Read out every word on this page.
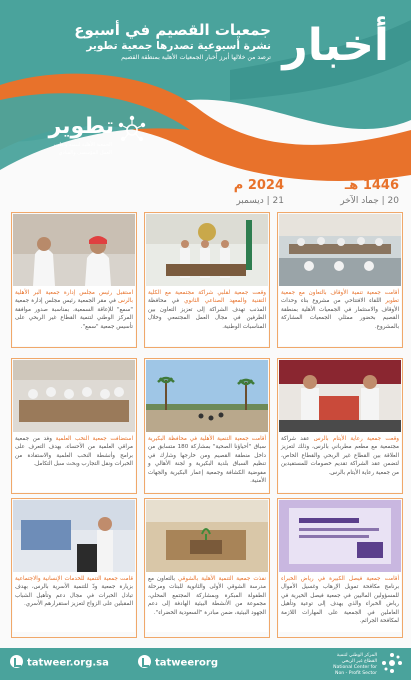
أخبار
جمعيات القصيم في أسبوع
نشرة أسبوعية تصدرها جمعية تطوير
ترصد من خلالها أبرز أخبار الجمعيات الأهلية بمنطقة القصيم
تطوير
الجمعية الأهلية لتنمية وتطوير
العمل المؤسسي والقيادي
1446 هـ
20 | جماد الآخر
2024 م
21 | ديسمبر
أقامت جمعية تنمية الأوقاف بالتعاون مع جمعية تطوير اللقاء الافتتاحي من مشروع بناء وحدات الأوقاف والاستثمار في الجمعيات الأهلية بمنطقة القصيم بحضور ممثلي الجمعيات المشاركة بالمشروع.
وقعت جمعية لقلبي شراكة مجتمعية مع الكلية التقنية والمعهد الصناعي الثانوي في محافظة المذنب تهدف الشراكة إلى تعزيز التعاون بين الطرفين في مجال العمل المجتمعي وخلال المناسبات الوطنية.
استقبل رئيس مجلس إدارة جمعية البر الأهلية بالرس في مقر الجمعية رئيس مجلس إدارة جمعية "سمع" للإعاقة السمعية، بمناسبة صدور موافقة المركز الوطني لتنمية القطاع غير الربحي على تأسيس جمعية "سمع".
وقعت جمعية رعاية الأيتام بالرس عقد شراكة مجتمعية مع مطعم مطرباني بالرس، وذلك لتعزيز العلاقة بين القطاع غير الربحي والقطاع الخاص، لتضمن عقد الشراكة تقديم خصومات للمستفيدين من جمعية رعاية الأيتام بالرس.
أقامت جمعية التنمية الأهلية في محافظة البكيرية سباق "أحياؤنا الصحية" بمشاركة 180 متسابق من داخل منطقة القصيم ومن خارجها وشارك في تنظيم السباق بلدية البكيرية و لجنة الأهالي و مفوضية الكشافة وجمعية إعمار البكيرية والجهات الأمنية.
استضافت جمعية النخب العلمية وفد من جمعية مراقي العلمية من الأحساء، بهدف التعرف على برامج وأنشطة النخب العلمية والاستفادة من الخبرات ونقل التجارب وبحث سبل التكامل.
أقامت جمعية فيصل الكبيرة في رياض الخبراء برنامج مكافحة تمويل الإرهاب وغسيل الأموال للمسؤولين الماليين في جمعية فيصل الخيرية في رياض الخبراء والذي يهدف إلى توعية وتأهيل العاملين في الجمعية على المهارات اللازمة لمكافحة الجرائم.
نفذت جمعية التنمية الأهلية بالشوقي بالتعاون مع مدرسة الشوقي الأولى والثانوية للبنات ومرحلة الطفولة المبكرة وبمشاركة المجتمع المحلي، مجموعة من الأنشطة البيئية الهادفة إلى دعم الجهود البيئية، ضمن مبادرة "السعودية الخضراء".
قامت جمعية التنمية للخدمات الإنسانية والاجتماعية بزيارة جمعية ودّ للتنمية الأسرية بالرس، بهدف تبادل الخبرات في مجال دعم وتأهيل الشباب المقبلين على الزواج لتعزيز استقرارهم الأسري.
tatweer.org.sa	tatweerorg
المركز الوطني لتنمية
القطاع غير الربحي
National Center for
Non - Profit Sector
